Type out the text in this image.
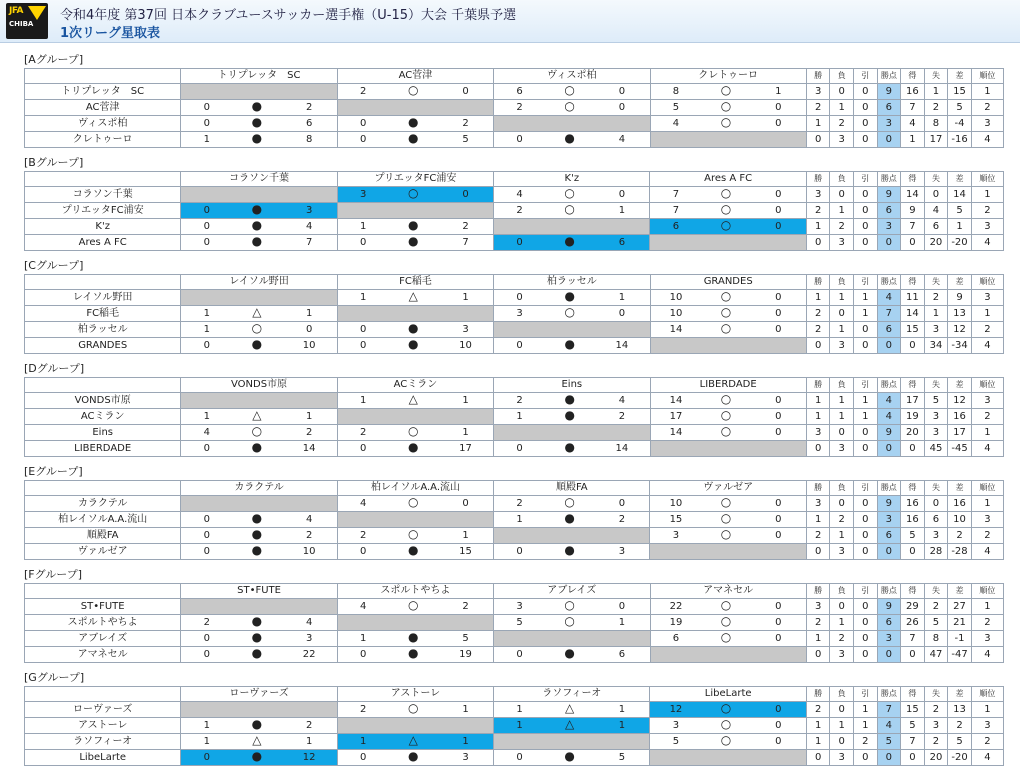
JFA
CHIBA
令和4年度 第37回 日本クラブユースサッカー選手権（U-15）大会 千葉県予選
1次リーグ星取表
[Aグループ]
	トリプレッタ　SC			AC菅津			ヴィスポ柏			クレトゥーロ			勝	負	引	勝点	得	失	差	順位
トリプレッタ　SC				2	○	0	6	○	0	8	○	1	3	0	0	9	16	1	15	1
AC菅津	0	●	2				2	○	0	5	○	0	2	1	0	6	7	2	5	2
ヴィスポ柏	0	●	6	0	●	2				4	○	0	1	2	0	3	4	8	-4	3
クレトゥーロ	1	●	8	0	●	5	0	●	4				0	3	0	0	1	17	-16	4
[Bグループ]
	コラソン千葉			プリエッタFC浦安			K'z			Ares A FC			勝	負	引	勝点	得	失	差	順位
コラソン千葉				3	○	0	4	○	0	7	○	0	3	0	0	9	14	0	14	1
プリエッタFC浦安	0	●	3				2	○	1	7	○	0	2	1	0	6	9	4	5	2
K'z	0	●	4	1	●	2				6	○	0	1	2	0	3	7	6	1	3
Ares A FC	0	●	7	0	●	7	0	●	6				0	3	0	0	0	20	-20	4
[Cグループ]
	レイソル野田			FC稲毛			柏ラッセル			GRANDES			勝	負	引	勝点	得	失	差	順位
レイソル野田				1	△	1	0	●	1	10	○	0	1	1	1	4	11	2	9	3
FC稲毛	1	△	1				3	○	0	10	○	0	2	0	1	7	14	1	13	1
柏ラッセル	1	○	0	0	●	3				14	○	0	2	1	0	6	15	3	12	2
GRANDES	0	●	10	0	●	10	0	●	14				0	3	0	0	0	34	-34	4
[Dグループ]
	VONDS市原			ACミラン			Eins			LIBERDADE			勝	負	引	勝点	得	失	差	順位
VONDS市原				1	△	1	2	●	4	14	○	0	1	1	1	4	17	5	12	3
ACミラン	1	△	1				1	●	2	17	○	0	1	1	1	4	19	3	16	2
Eins	4	○	2	2	○	1				14	○	0	3	0	0	9	20	3	17	1
LIBERDADE	0	●	14	0	●	17	0	●	14				0	3	0	0	0	45	-45	4
[Eグループ]
	カラクテル			柏レイソルA.A.流山			順殿FA			ヴァルゼア			勝	負	引	勝点	得	失	差	順位
カラクテル				4	○	0	2	○	0	10	○	0	3	0	0	9	16	0	16	1
柏レイソルA.A.流山	0	●	4				1	●	2	15	○	0	1	2	0	3	16	6	10	3
順殿FA	0	●	2	2	○	1				3	○	0	2	1	0	6	5	3	2	2
ヴァルゼア	0	●	10	0	●	15	0	●	3				0	3	0	0	0	28	-28	4
[Fグループ]
	ST•FUTE			スポルトやちよ			アブレイズ			アマネセル			勝	負	引	勝点	得	失	差	順位
ST•FUTE				4	○	2	3	○	0	22	○	0	3	0	0	9	29	2	27	1
スポルトやちよ	2	●	4				5	○	1	19	○	0	2	1	0	6	26	5	21	2
アブレイズ	0	●	3	1	●	5				6	○	0	1	2	0	3	7	8	-1	3
アマネセル	0	●	22	0	●	19	0	●	6				0	3	0	0	0	47	-47	4
[Gグループ]
	ローヴァーズ			アストーレ			ラソフィーオ			LibeLarte			勝	負	引	勝点	得	失	差	順位
ローヴァーズ				2	○	1	1	△	1	12	○	0	2	0	1	7	15	2	13	1
アストーレ	1	●	2				1	△	1	3	○	0	1	1	1	4	5	3	2	3
ラソフィーオ	1	△	1	1	△	1				5	○	0	1	0	2	5	7	2	5	2
LibeLarte	0	●	12	0	●	3	0	●	5				0	3	0	0	0	20	-20	4
